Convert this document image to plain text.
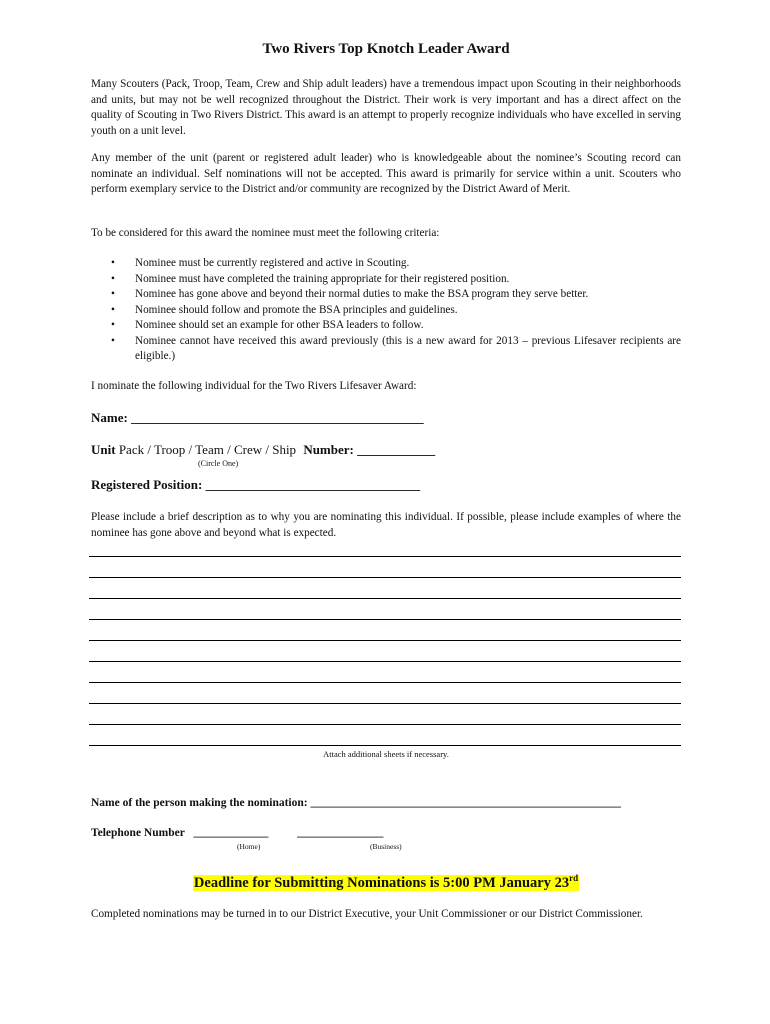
Two Rivers Top Knotch Leader Award

Many Scouters (Pack, Troop, Team, Crew and Ship adult leaders) have a tremendous impact upon Scouting in their neighborhoods and units, but may not be well recognized throughout the District. Their work is very important and has a direct affect on the quality of Scouting in Two Rivers District. This award is an attempt to properly recognize individuals who have excelled in serving youth on a unit level.

Any member of the unit (parent or registered adult leader) who is knowledgeable about the nominee’s Scouting record can nominate an individual. Self nominations will not be accepted. This award is primarily for service within a unit. Scouters who perform exemplary service to the District and/or community are recognized by the District Award of Merit.

To be considered for this award the nominee must meet the following criteria:

• Nominee must be currently registered and active in Scouting.
• Nominee must have completed the training appropriate for their registered position.
• Nominee has gone above and beyond their normal duties to make the BSA program they serve better.
• Nominee should follow and promote the BSA principles and guidelines.
• Nominee should set an example for other BSA leaders to follow.
• Nominee cannot have received this award previously (this is a new award for 2013 – previous Lifesaver recipients are eligible.)

I nominate the following individual for the Two Rivers Lifesaver Award:

Name: _____________________________________________
Unit Pack / Troop / Team / Crew / Ship Number: ____________
(Circle One)
Registered Position: _________________________________

Please include a brief description as to why you are nominating this individual. If possible, please include examples of where the nominee has gone above and beyond what is expected.

Attach additional sheets if necessary.
Name of the person making the nomination: ______________________________________________________
Telephone Number _____________	_______________
(Home)	(Business)
Deadline for Submitting Nominations is 5:00 PM January 23rd

Completed nominations may be turned in to our District Executive, your Unit Commissioner or our District Commissioner.
